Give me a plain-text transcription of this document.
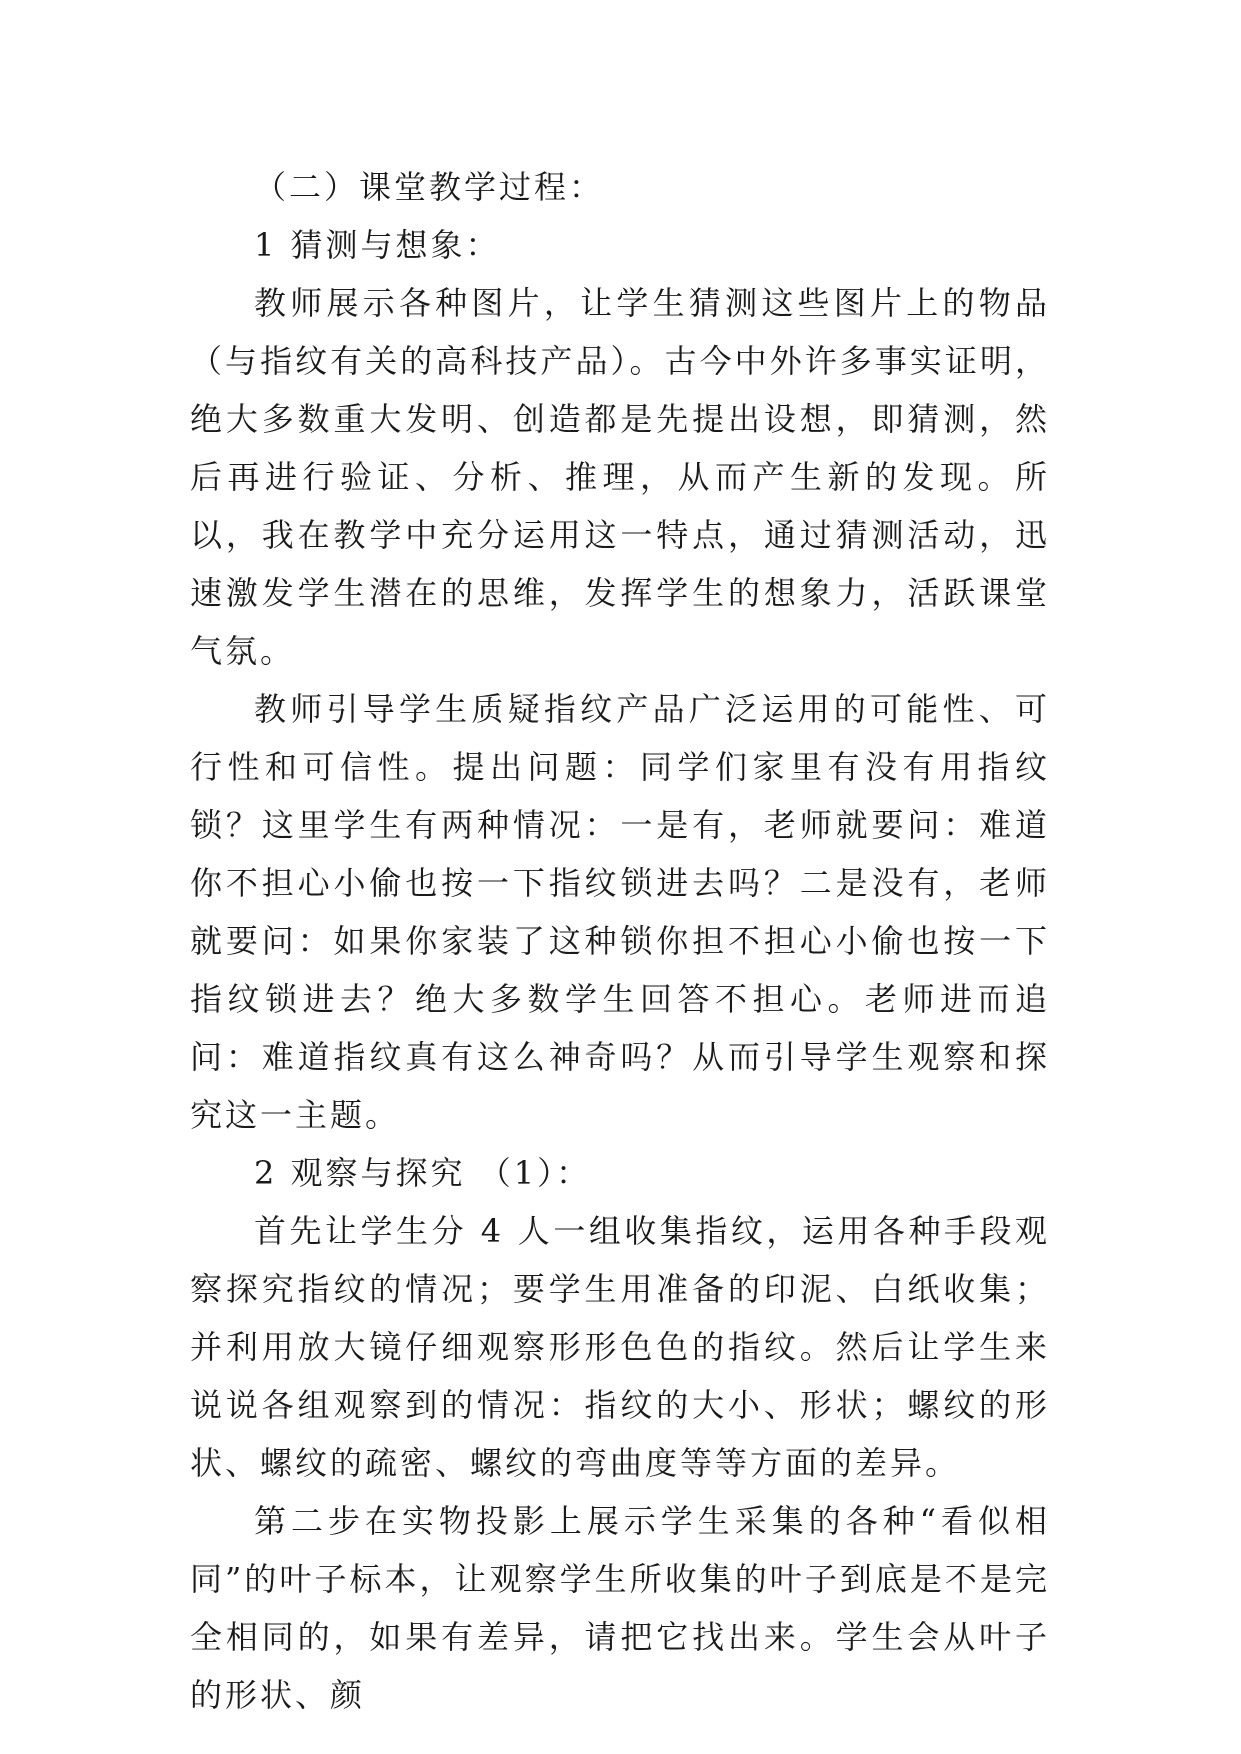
（二）课堂教学过程：

1 猜测与想象：

教师展示各种图片，让学生猜测这些图片上的物品（与指纹有关的高科技产品）。古今中外许多事实证明，绝大多数重大发明、创造都是先提出设想，即猜测，然后再进行验证、分析、推理，从而产生新的发现。所以，我在教学中充分运用这一特点，通过猜测活动，迅速激发学生潜在的思维，发挥学生的想象力，活跃课堂气氛。

教师引导学生质疑指纹产品广泛运用的可能性、可行性和可信性。提出问题：同学们家里有没有用指纹锁？这里学生有两种情况：一是有，老师就要问：难道你不担心小偷也按一下指纹锁进去吗？二是没有，老师就要问：如果你家装了这种锁你担不担心小偷也按一下指纹锁进去？绝大多数学生回答不担心。老师进而追问：难道指纹真有这么神奇吗？从而引导学生观察和探究这一主题。

2 观察与探究 （1）：

首先让学生分 4 人一组收集指纹，运用各种手段观察探究指纹的情况；要学生用准备的印泥、白纸收集；并利用放大镜仔细观察形形色色的指纹。然后让学生来说说各组观察到的情况：指纹的大小、形状；螺纹的形状、螺纹的疏密、螺纹的弯曲度等等方面的差异。

第二步在实物投影上展示学生采集的各种“看似相同”的叶子标本，让观察学生所收集的叶子到底是不是完全相同的，如果有差异，请把它找出来。学生会从叶子的形状、颜
